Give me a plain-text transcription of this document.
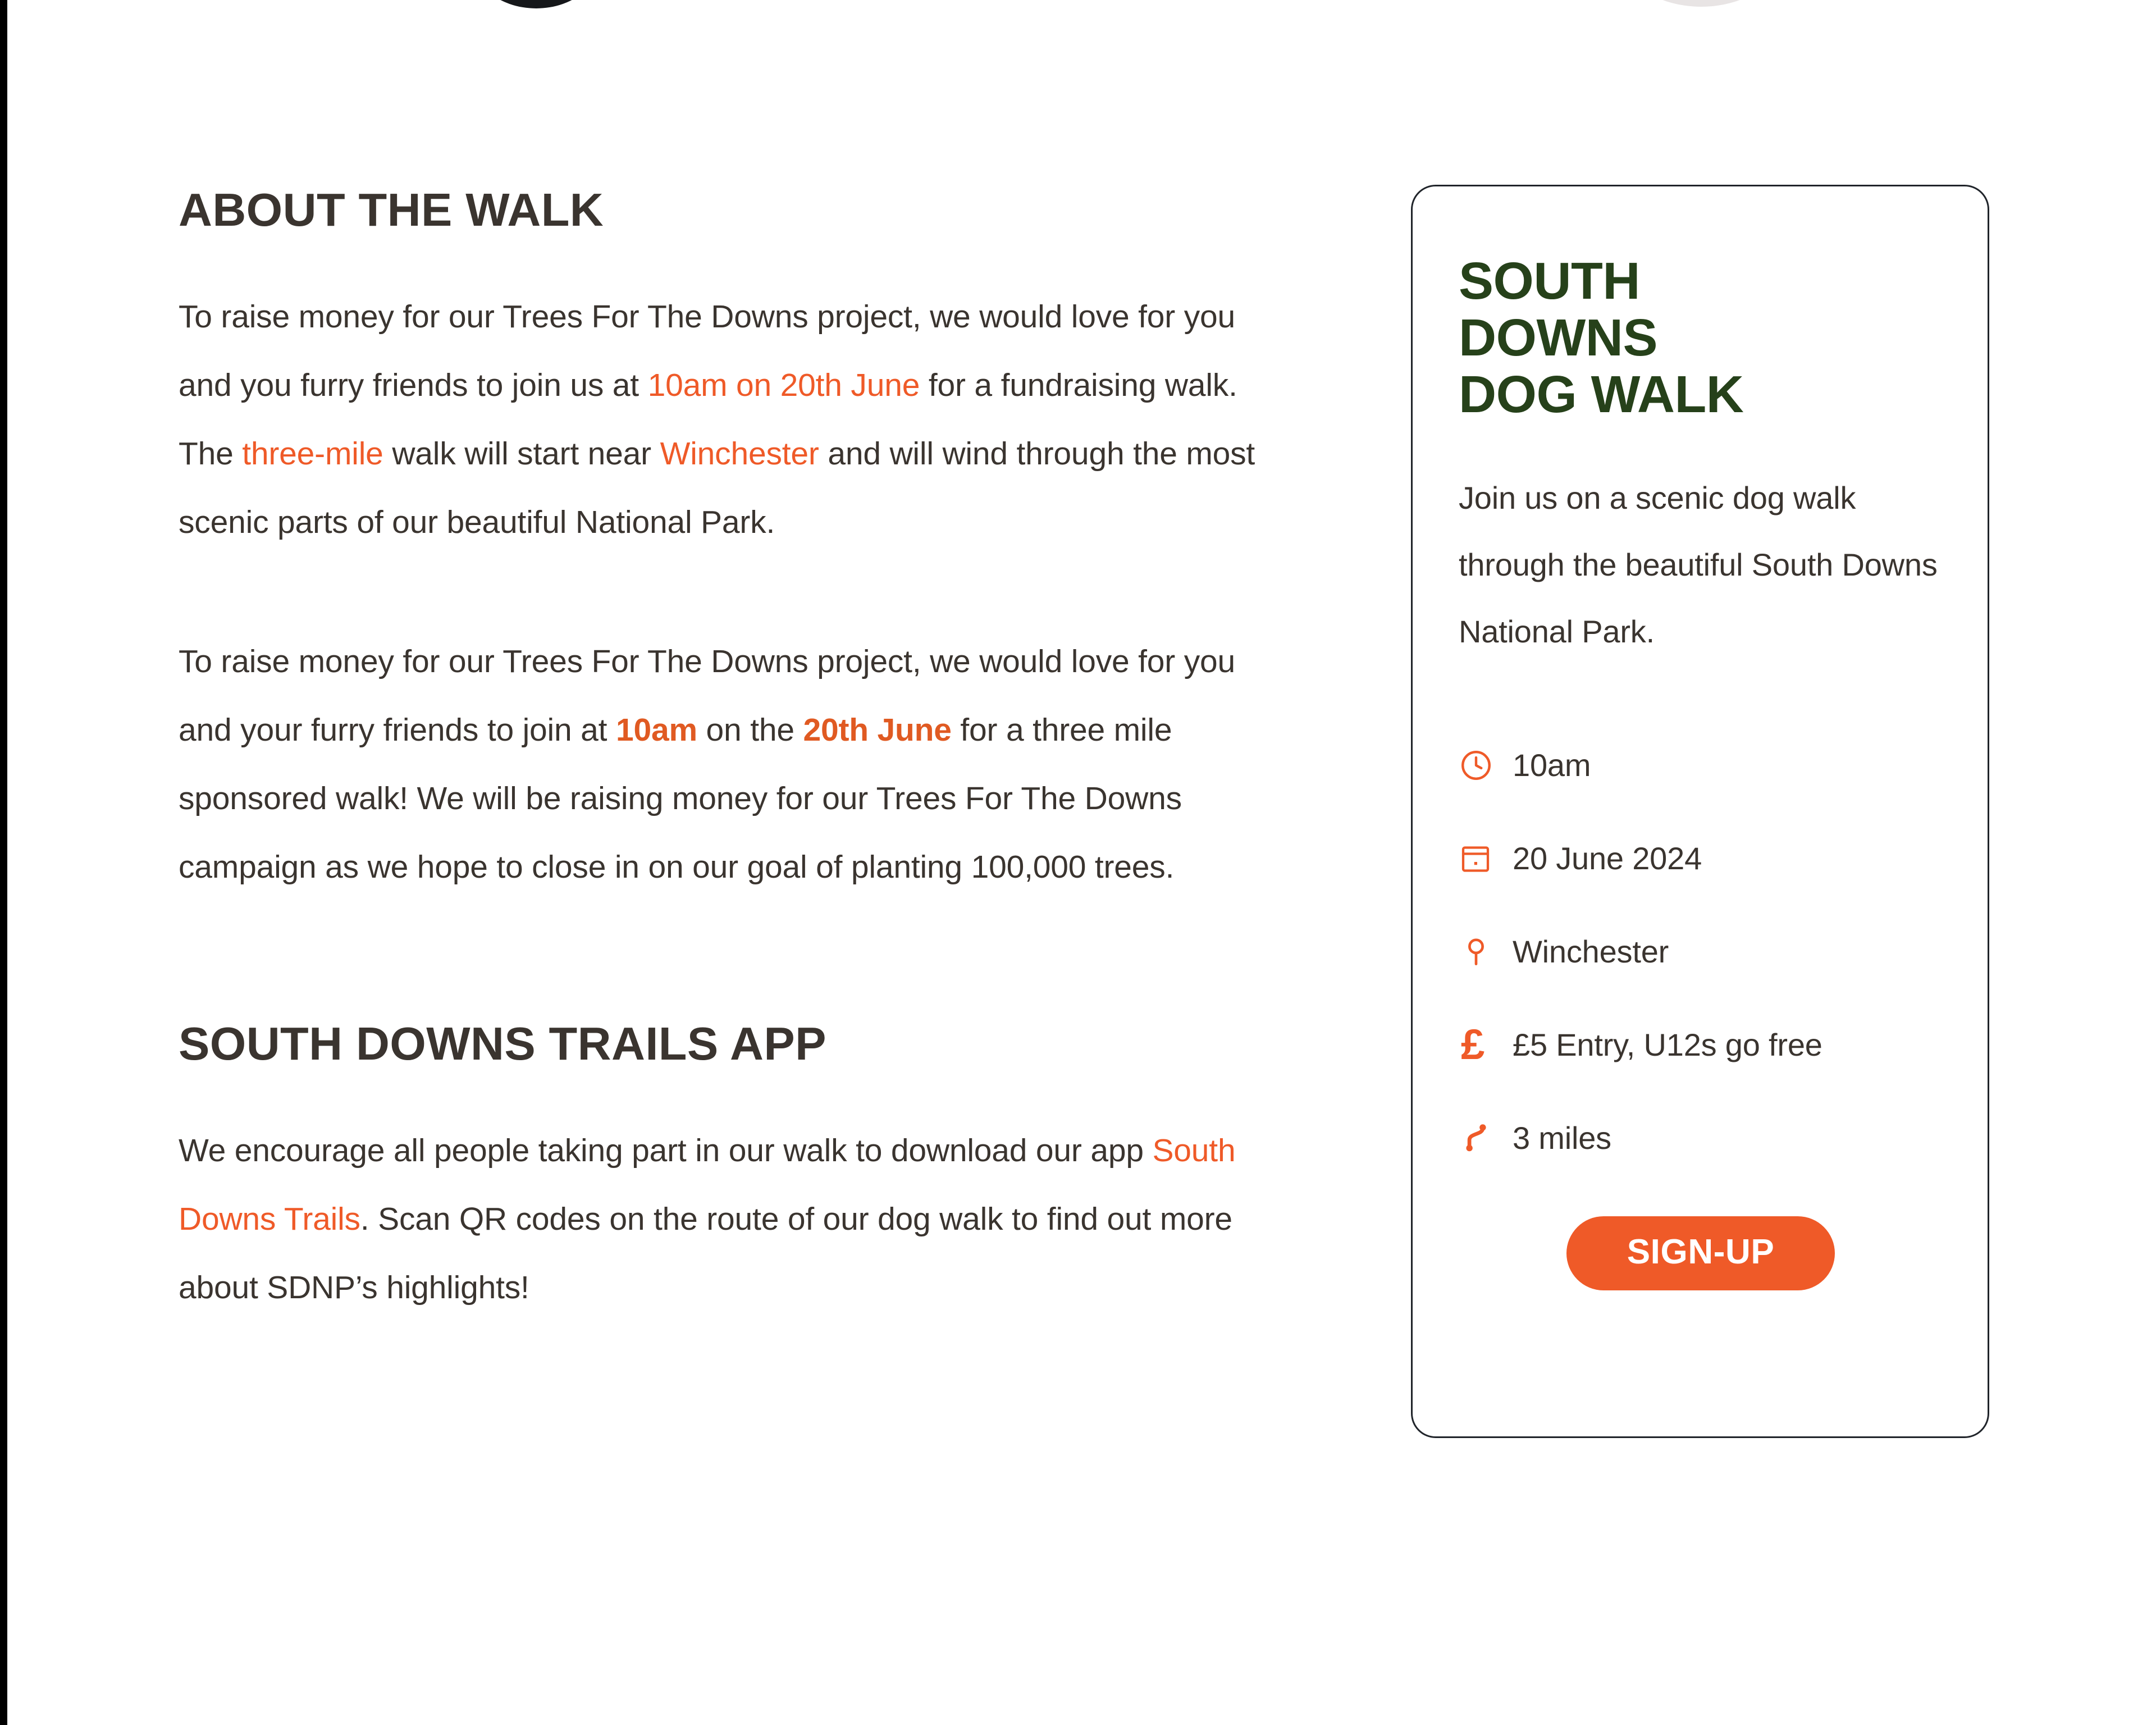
ABOUT THE WALK

To raise money for our Trees For The Downs project, we would love for you and you furry friends to join us at 10am on 20th June for a fundraising walk. The three-mile walk will start near Winchester and will wind through the most scenic parts of our beautiful National Park.

To raise money for our Trees For The Downs project, we would love for you and your furry friends to join at 10am on the 20th June for a three mile sponsored walk! We will be raising money for our Trees For The Downs campaign as we hope to close in on our goal of planting 100,000 trees.

SOUTH DOWNS TRAILS APP

We encourage all people taking part in our walk to download our app South Downs Trails. Scan QR codes on the route of our dog walk to find out more about SDNP’s highlights!

SOUTH
DOWNS
DOG WALK

Join us on a scenic dog walk through the beautiful South Downs National Park.

10am
20 June 2024
Winchester
£ £5 Entry, U12s go free
3 miles
SIGN-UP
